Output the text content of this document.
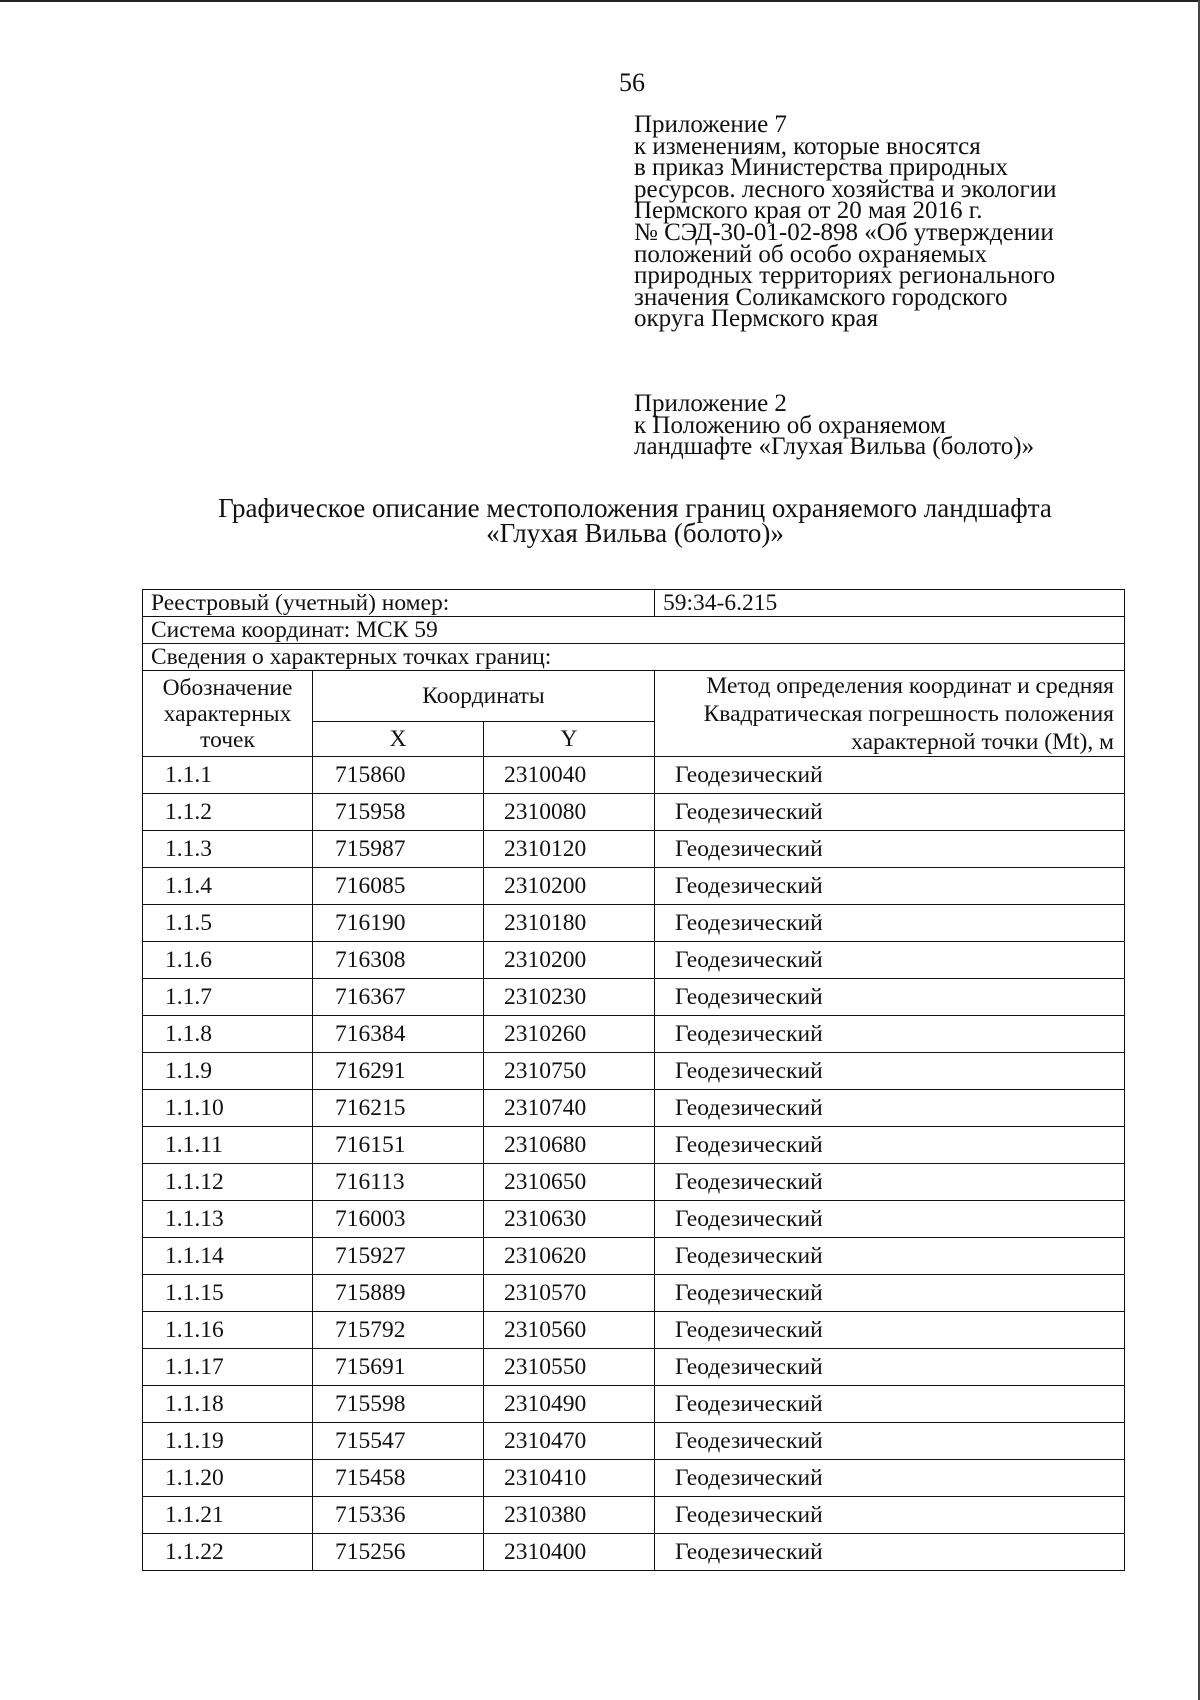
56
Приложение 7
к изменениям, которые вносятся
в приказ Министерства природных
ресурсов. лесного хозяйства и экологии
Пермского края от 20 мая 2016 г.
№ СЭД-30-01-02-898 «Об утверждении
положений об особо охраняемых
природных территориях регионального
значения Соликамского городского
округа Пермского края
Приложение 2
к Положению об охраняемом
ландшафте «Глухая Вильва (болото)»
Графическое описание местоположения границ охраняемого ландшафта
«Глухая Вильва (болото)»
Реестровый (учетный) номер:			59:34-6.215
Система координат: МСК 59			
Сведения о характерных точках границ:			
Обозначение характерных точек	Координаты		Метод определения координат и средняя Квадратическая погрешность положения характерной точки (Mt), м
	X	Y	
1.1.1	715860	2310040	Геодезический
1.1.2	715958	2310080	Геодезический
1.1.3	715987	2310120	Геодезический
1.1.4	716085	2310200	Геодезический
1.1.5	716190	2310180	Геодезический
1.1.6	716308	2310200	Геодезический
1.1.7	716367	2310230	Геодезический
1.1.8	716384	2310260	Геодезический
1.1.9	716291	2310750	Геодезический
1.1.10	716215	2310740	Геодезический
1.1.11	716151	2310680	Геодезический
1.1.12	716113	2310650	Геодезический
1.1.13	716003	2310630	Геодезический
1.1.14	715927	2310620	Геодезический
1.1.15	715889	2310570	Геодезический
1.1.16	715792	2310560	Геодезический
1.1.17	715691	2310550	Геодезический
1.1.18	715598	2310490	Геодезический
1.1.19	715547	2310470	Геодезический
1.1.20	715458	2310410	Геодезический
1.1.21	715336	2310380	Геодезический
1.1.22	715256	2310400	Геодезический
